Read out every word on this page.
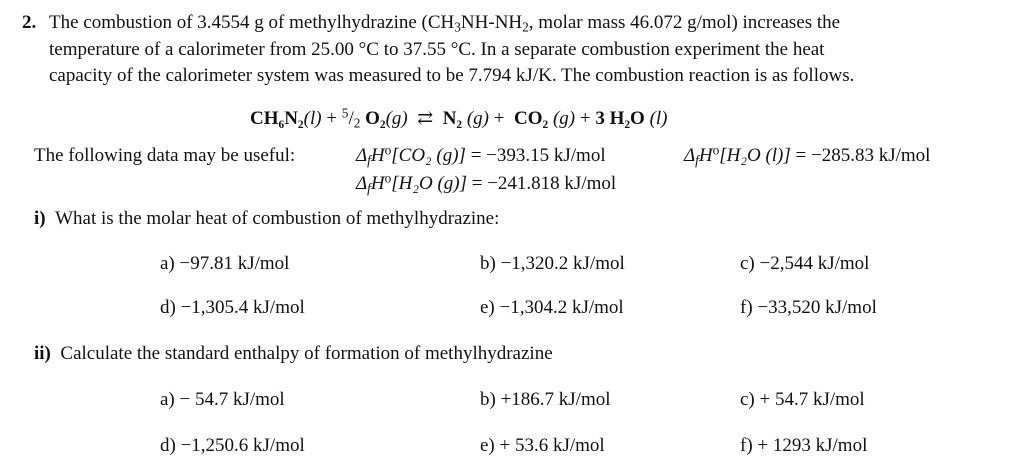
2. The combustion of 3.4554 g of methylhydrazine ($CH_3NH-NH_2$, molar mass 46.072 g/mol) increases the
temperature of a calorimeter from 25.00 °C to 37.55 °C. In a separate combustion experiment the heat
capacity of the calorimeter system was measured to be 7.794 kJ/K. The combustion reaction is as follows.
$CH_6N_2(l) + ^5/_2$ O₂(g) ⇄ N₂ (g) + CO₂ (g) + 3 H₂O (l)
The following data may be useful:	$\Delta_fH^o[CO_2$ (g)] = −393.15 kJ/mol	$\Delta_fH^o[H_2O$ (l)] = −285.83 kJ/mol
$\Delta_fH^o[H_2O$ (g)] = −241.818 kJ/mol
i) What is the molar heat of combustion of methylhydrazine:
a) −97.81 kJ/mol	b) −1,320.2 kJ/mol	c) −2,544 kJ/mol
d) −1,305.4 kJ/mol	e) −1,304.2 kJ/mol	f) −33,520 kJ/mol
ii) Calculate the standard enthalpy of formation of methylhydrazine
a) − 54.7 kJ/mol	b) +186.7 kJ/mol	c) + 54.7 kJ/mol
d) −1,250.6 kJ/mol	e) + 53.6 kJ/mol	f) + 1293 kJ/mol
